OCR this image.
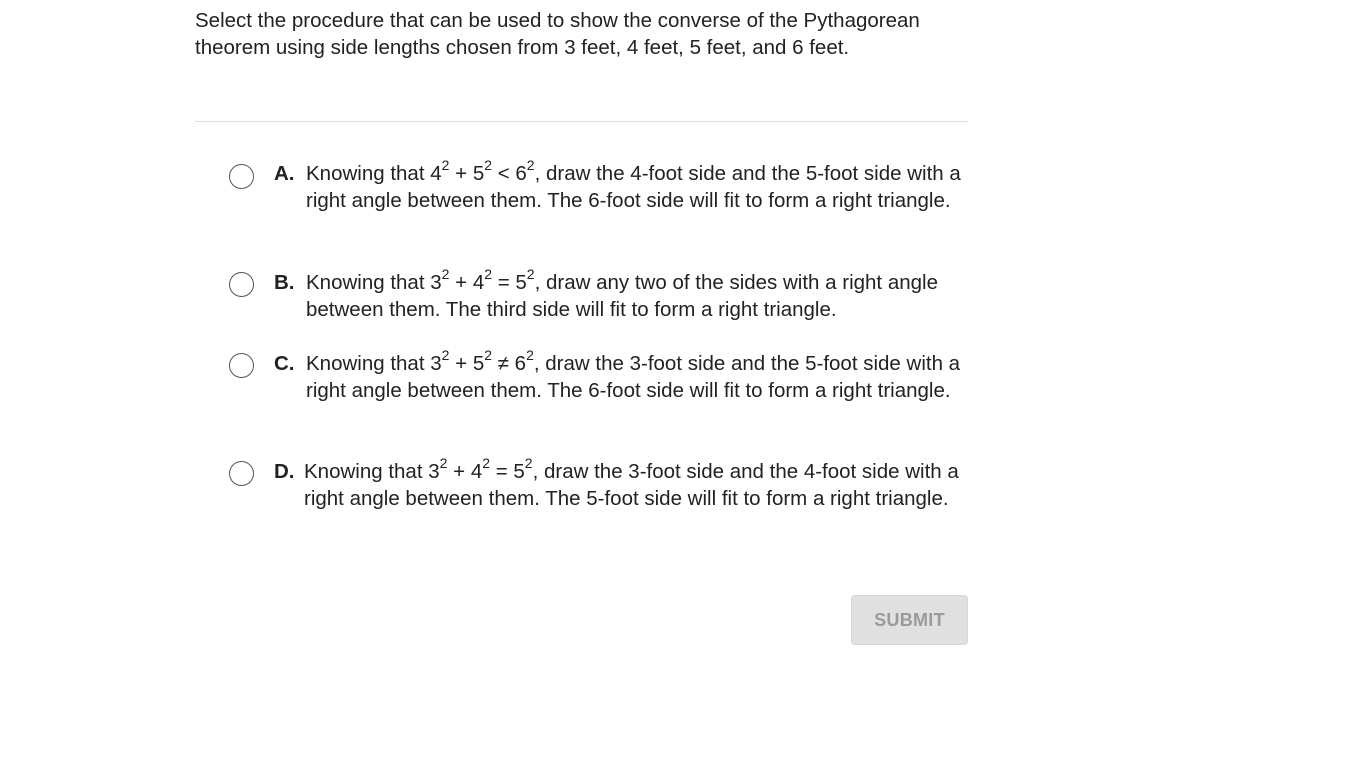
Select the procedure that can be used to show the converse of the Pythagorean theorem using side lengths chosen from 3 feet, 4 feet, 5 feet, and 6 feet.

A. Knowing that $4^2 + 5^2 < 6^2$, draw the 4-foot side and the 5-foot side with a right angle between them. The 6-foot side will fit to form a right triangle.
B. Knowing that $3^2 + 4^2 = 5^2$, draw any two of the sides with a right angle between them. The third side will fit to form a right triangle.
C. Knowing that $3^2 + 5^2 \ne 6^2$, draw the 3-foot side and the 5-foot side with a right angle between them. The 6-foot side will fit to form a right triangle.
D. Knowing that $3^2 + 4^2 = 5^2$, draw the 3-foot side and the 4-foot side with a right angle between them. The 5-foot side will fit to form a right triangle.
SUBMIT
